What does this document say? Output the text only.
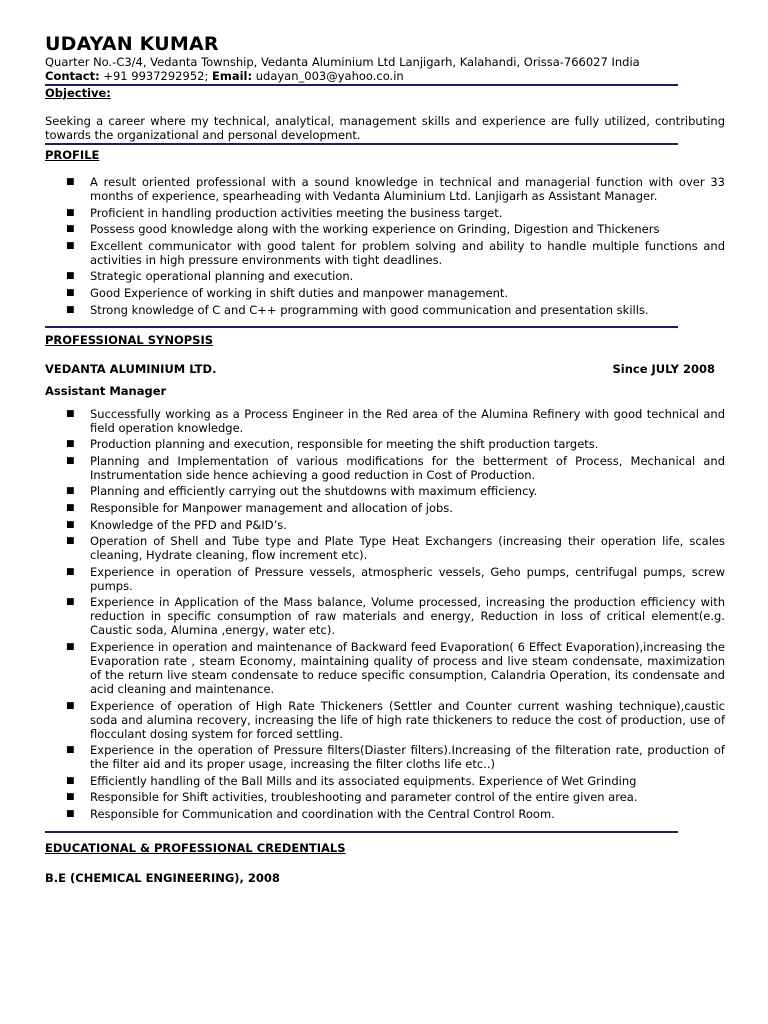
UDAYAN KUMAR
Quarter No.-C3/4, Vedanta Township, Vedanta Aluminium Ltd Lanjigarh, Kalahandi, Orissa-766027 India
Contact: +91 9937292952; Email: udayan_003@yahoo.co.in
Objective:
Seeking a career where my technical, analytical, management skills and experience are fully utilized, contributing towards the organizational and personal development.
PROFILE
■ A result oriented professional with a sound knowledge in technical and managerial function with over 33 months of experience, spearheading with Vedanta Aluminium Ltd. Lanjigarh as Assistant Manager.
■ Proficient in handling production activities meeting the business target.
■ Possess good knowledge along with the working experience on Grinding, Digestion and Thickeners
■ Excellent communicator with good talent for problem solving and ability to handle multiple functions and activities in high pressure environments with tight deadlines.
■ Strategic operational planning and execution.
■ Good Experience of working in shift duties and manpower management.
■ Strong knowledge of C and C++ programming with good communication and presentation skills.
PROFESSIONAL SYNOPSIS
VEDANTA ALUMINIUM LTD.	Since JULY 2008
Assistant Manager
■ Successfully working as a Process Engineer in the Red area of the Alumina Refinery with good technical and field operation knowledge.
■ Production planning and execution, responsible for meeting the shift production targets.
■ Planning and Implementation of various modifications for the betterment of Process, Mechanical and Instrumentation side hence achieving a good reduction in Cost of Production.
■ Planning and efficiently carrying out the shutdowns with maximum efficiency.
■ Responsible for Manpower management and allocation of jobs.
■ Knowledge of the PFD and P&ID’s.
■ Operation of Shell and Tube type and Plate Type Heat Exchangers (increasing their operation life, scales cleaning, Hydrate cleaning, flow increment etc).
■ Experience in operation of Pressure vessels, atmospheric vessels, Geho pumps, centrifugal pumps, screw pumps.
■ Experience in Application of the Mass balance, Volume processed, increasing the production efficiency with reduction in specific consumption of raw materials and energy, Reduction in loss of critical element(e.g. Caustic soda, Alumina ,energy, water etc).
■ Experience in operation and maintenance of Backward feed Evaporation( 6 Effect Evaporation),increasing the Evaporation rate , steam Economy, maintaining quality of process and live steam condensate, maximization of the return live steam condensate to reduce specific consumption, Calandria Operation, its condensate and acid cleaning and maintenance.
■ Experience of operation of High Rate Thickeners (Settler and Counter current washing technique),caustic soda and alumina recovery, increasing the life of high rate thickeners to reduce the cost of production, use of flocculant dosing system for forced settling.
■ Experience in the operation of Pressure filters(Diaster filters).Increasing of the filteration rate, production of the filter aid and its proper usage, increasing the filter cloths life etc..)
■ Efficiently handling of the Ball Mills and its associated equipments. Experience of Wet Grinding
■ Responsible for Shift activities, troubleshooting and parameter control of the entire given area.
■ Responsible for Communication and coordination with the Central Control Room.
EDUCATIONAL & PROFESSIONAL CREDENTIALS
B.E (CHEMICAL ENGINEERING), 2008
